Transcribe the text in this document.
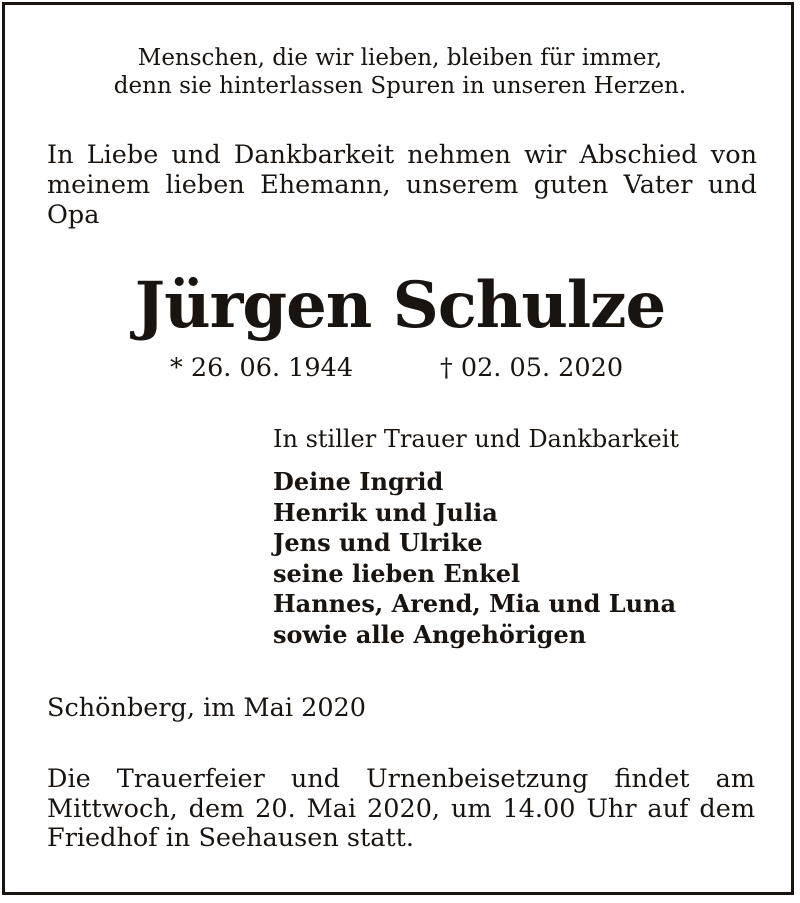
Menschen, die wir lieben, bleiben für immer,
denn sie hinterlassen Spuren in unseren Herzen.
In Liebe und Dankbarkeit nehmen wir Abschied von meinem lieben Ehemann, unserem guten Vater und Opa
Jürgen Schulze
* 26. 06. 1944	† 02. 05. 2020
In stiller Trauer und Dankbarkeit
Deine Ingrid
Henrik und Julia
Jens und Ulrike
seine lieben Enkel
Hannes, Arend, Mia und Luna
sowie alle Angehörigen
Schönberg, im Mai 2020
Die Trauerfeier und Urnenbeisetzung findet am Mittwoch, dem 20. Mai 2020, um 14.00 Uhr auf dem Friedhof in Seehausen statt.
